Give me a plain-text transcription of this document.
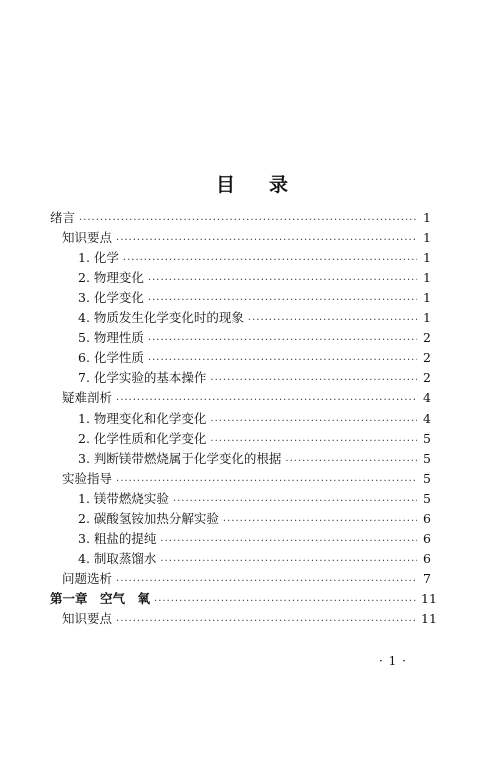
目 录
绪言 .....	1
知识要点 .....	1
1. 化学 .....	1
2. 物理变化 .....	1
3. 化学变化 .....	1
4. 物质发生化学变化时的现象 .....	1
5. 物理性质 .....	2
6. 化学性质 .....	2
7. 化学实验的基本操作 .....	2
疑难剖析 .....	4
1. 物理变化和化学变化 .....	4
2. 化学性质和化学变化 .....	5
3. 判断镁带燃烧属于化学变化的根据 .....	5
实验指导 .....	5
1. 镁带燃烧实验 .....	5
2. 碳酸氢铵加热分解实验 .....	6
3. 粗盐的提纯 .....	6
4. 制取蒸馏水 .....	6
问题选析 .....	7
第一章　空气　氧 .....	11
知识要点 .....	11
· 1 ·
